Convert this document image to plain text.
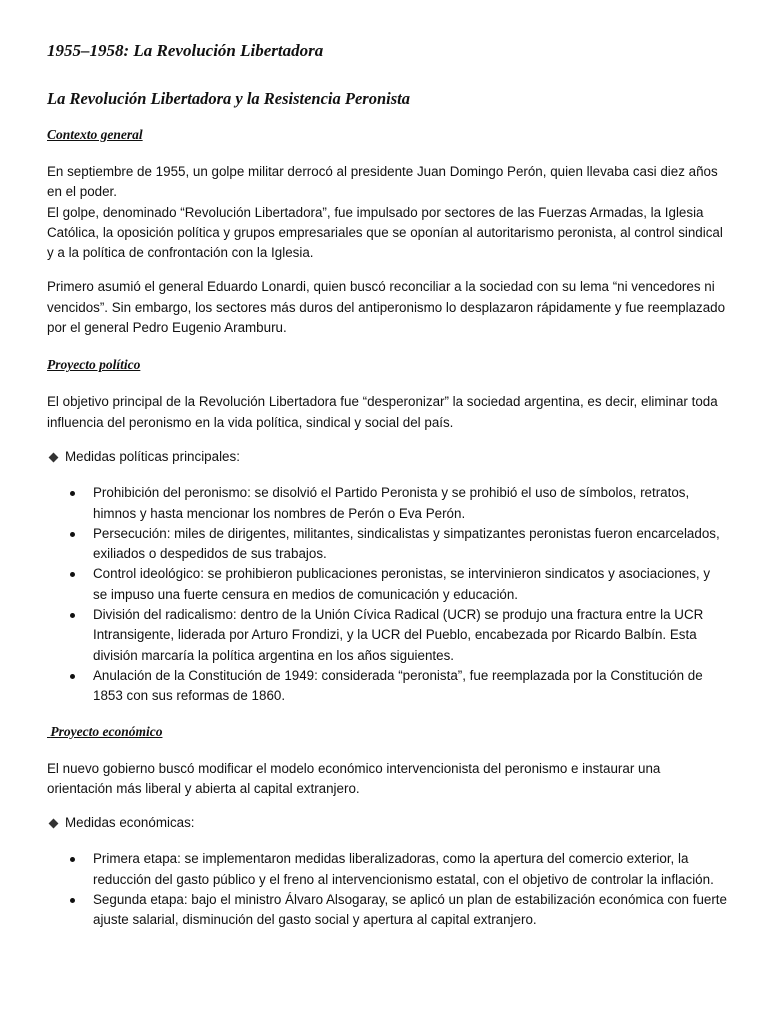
1955–1958: La Revolución Libertadora
La Revolución Libertadora y la Resistencia Peronista
Contexto general

En septiembre de 1955, un golpe militar derrocó al presidente Juan Domingo Perón, quien llevaba casi diez años en el poder.

El golpe, denominado “Revolución Libertadora”, fue impulsado por sectores de las Fuerzas Armadas, la Iglesia Católica, la oposición política y grupos empresariales que se oponían al autoritarismo peronista, al control sindical y a la política de confrontación con la Iglesia.

Primero asumió el general Eduardo Lonardi, quien buscó reconciliar a la sociedad con su lema “ni vencedores ni vencidos”. Sin embargo, los sectores más duros del antiperonismo lo desplazaron rápidamente y fue reemplazado por el general Pedro Eugenio Aramburu.

Proyecto político

El objetivo principal de la Revolución Libertadora fue “desperonizar” la sociedad argentina, es decir, eliminar toda influencia del peronismo en la vida política, sindical y social del país.

Medidas políticas principales:
Prohibición del peronismo: se disolvió el Partido Peronista y se prohibió el uso de símbolos, retratos, himnos y hasta mencionar los nombres de Perón o Eva Perón.
Persecución: miles de dirigentes, militantes, sindicalistas y simpatizantes peronistas fueron encarcelados, exiliados o despedidos de sus trabajos.
Control ideológico: se prohibieron publicaciones peronistas, se intervinieron sindicatos y asociaciones, y se impuso una fuerte censura en medios de comunicación y educación.
División del radicalismo: dentro de la Unión Cívica Radical (UCR) se produjo una fractura entre la UCR Intransigente, liderada por Arturo Frondizi, y la UCR del Pueblo, encabezada por Ricardo Balbín. Esta división marcaría la política argentina en los años siguientes.
Anulación de la Constitución de 1949: considerada “peronista”, fue reemplazada por la Constitución de 1853 con sus reformas de 1860.
Proyecto económico

El nuevo gobierno buscó modificar el modelo económico intervencionista del peronismo e instaurar una orientación más liberal y abierta al capital extranjero.

Medidas económicas:
Primera etapa: se implementaron medidas liberalizadoras, como la apertura del comercio exterior, la reducción del gasto público y el freno al intervencionismo estatal, con el objetivo de controlar la inflación.
Segunda etapa: bajo el ministro Álvaro Alsogaray, se aplicó un plan de estabilización económica con fuerte ajuste salarial, disminución del gasto social y apertura al capital extranjero.
